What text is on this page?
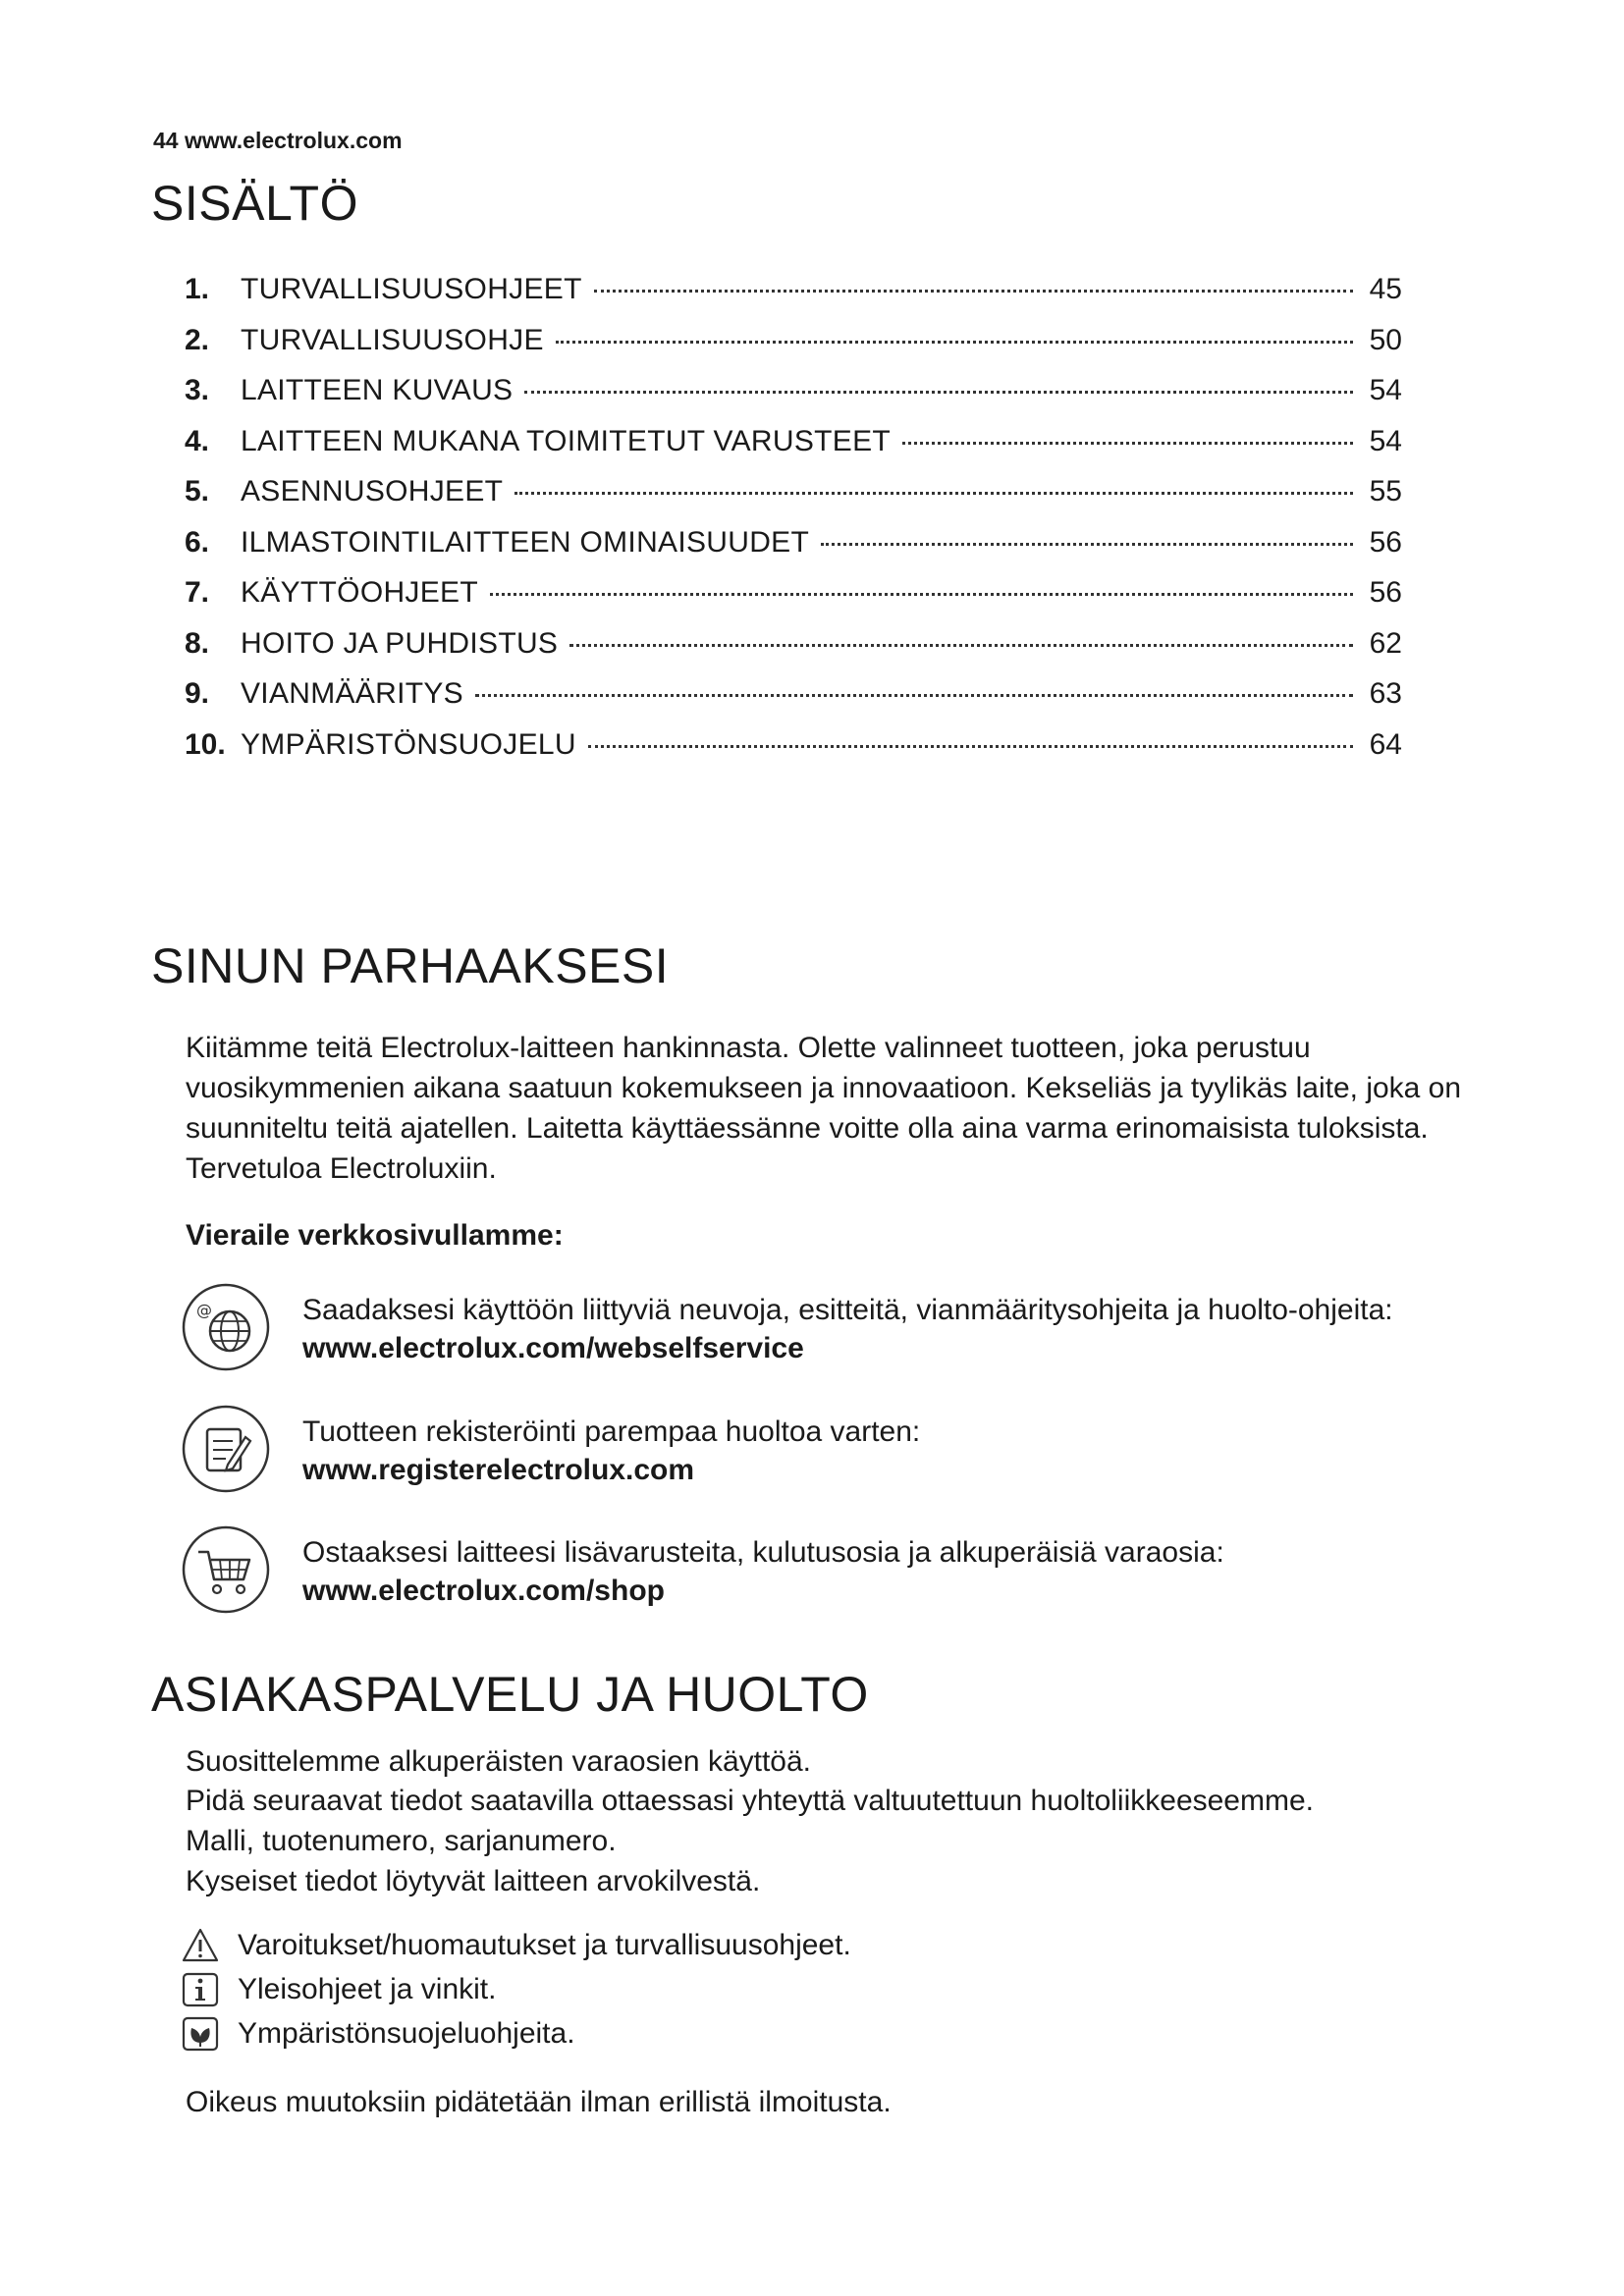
44 www.electrolux.com
SISÄLTÖ
1.	TURVALLISUUSOHJEET	45
2.	TURVALLISUUSOHJE	50
3.	LAITTEEN KUVAUS	54
4.	LAITTEEN MUKANA TOIMITETUT VARUSTEET	54
5.	ASENNUSOHJEET	55
6.	ILMASTOINTILAITTEEN OMINAISUUDET	56
7.	KÄYTTÖOHJEET	56
8.	HOITO JA PUHDISTUS	62
9.	VIANMÄÄRITYS	63
10. YMPÄRISTÖNSUOJELU	64
SINUN PARHAAKSESI

Kiitämme teitä Electrolux-laitteen hankinnasta. Olette valinneet tuotteen, joka perustuu vuosikymmenien aikana saatuun kokemukseen ja innovaatioon. Kekseliäs ja tyylikäs laite, joka on suunniteltu teitä ajatellen. Laitetta käyttäessänne voitte olla aina varma erinomaisista tuloksista. Tervetuloa Electroluxiin.

Vieraile verkkosivullamme:

@	Saadaksesi käyttöön liittyviä neuvoja, esitteitä, vianmääritysohjeita ja huolto-ohjeita:
www.electrolux.com/webselfservice
Tuotteen rekisteröinti parempaa huoltoa varten:
www.registerelectrolux.com
Ostaaksesi laitteesi lisävarusteita, kulutusosia ja alkuperäisiä varaosia:
www.electrolux.com/shop
ASIAKASPALVELU JA HUOLTO
Suosittelemme alkuperäisten varaosien käyttöä.
Pidä seuraavat tiedot saatavilla ottaessasi yhteyttä valtuutettuun huoltoliikkeeseemme.
Malli, tuotenumero, sarjanumero.
Kyseiset tiedot löytyvät laitteen arvokilvestä.
Varoitukset/huomautukset ja turvallisuusohjeet.
Yleisohjeet ja vinkit.
Ympäristönsuojeluohjeita.
Oikeus muutoksiin pidätetään ilman erillistä ilmoitusta.
